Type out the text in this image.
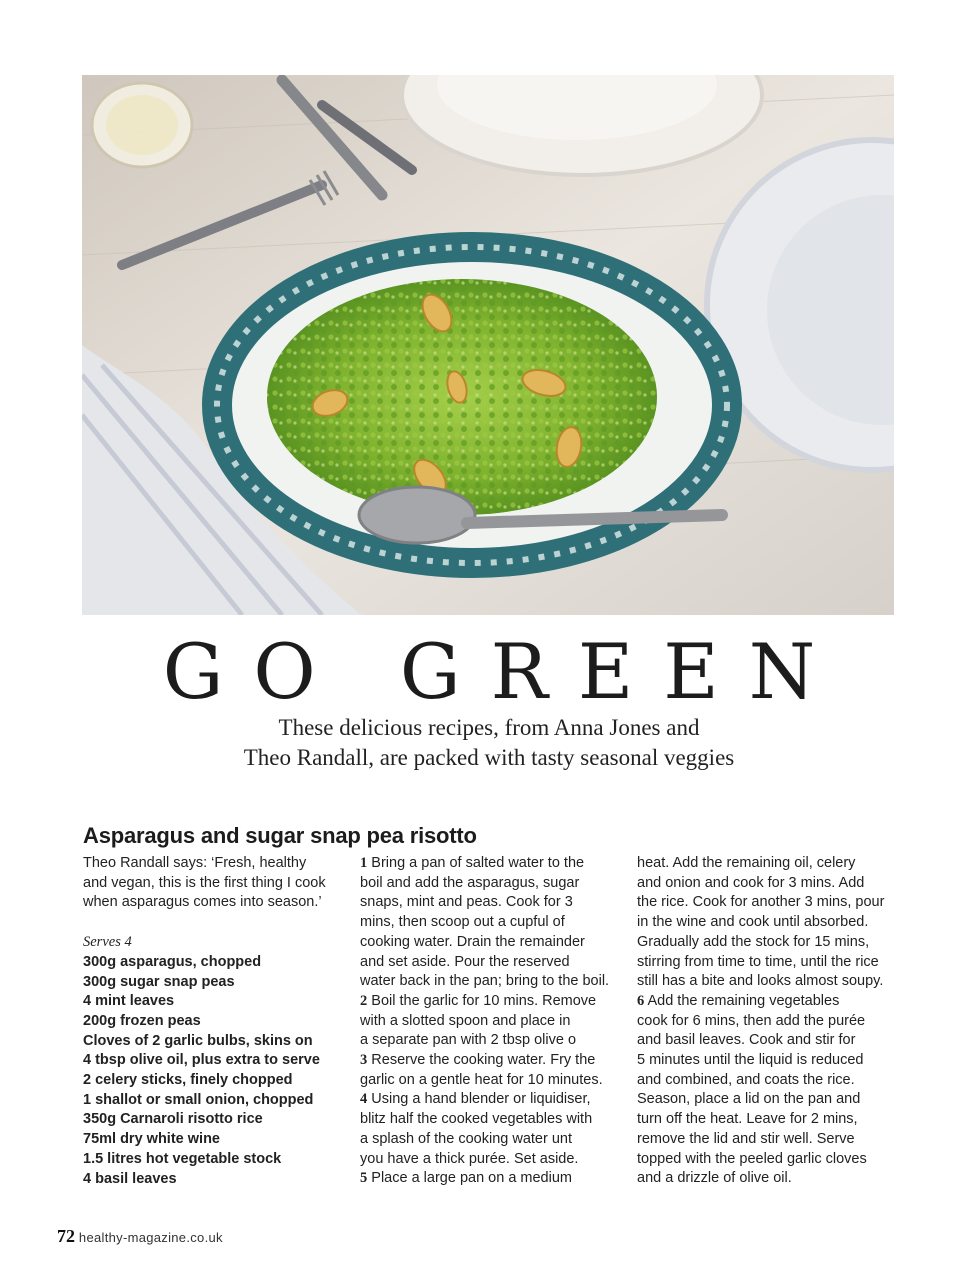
GO GREEN
These delicious recipes, from Anna Jones and
Theo Randall, are packed with tasty seasonal veggies
Asparagus and sugar snap pea risotto
Theo Randall says: ‘Fresh, healthy
and vegan, this is the first thing I cook
when asparagus comes into season.’
Serves 4
300g asparagus, chopped
300g sugar snap peas
4 mint leaves
200g frozen peas
Cloves of 2 garlic bulbs, skins on
4 tbsp olive oil, plus extra to serve
2 celery sticks, finely chopped
1 shallot or small onion, chopped
350g Carnaroli risotto rice
75ml dry white wine
1.5 litres hot vegetable stock
4 basil leaves
1 Bring a pan of salted water to the
boil and add the asparagus, sugar
snaps, mint and peas. Cook for 3
mins, then scoop out a cupful of
cooking water. Drain the remainder
and set aside. Pour the reserved
water back in the pan; bring to the boil.
2 Boil the garlic for 10 mins. Remove
with a slotted spoon and place in
a separate pan with 2 tbsp olive o
3 Reserve the cooking water. Fry the
garlic on a gentle heat for 10 minutes.
4 Using a hand blender or liquidiser,
blitz half the cooked vegetables with
a splash of the cooking water unt
you have a thick purée. Set aside.
5 Place a large pan on a medium
heat. Add the remaining oil, celery
and onion and cook for 3 mins. Add
the rice. Cook for another 3 mins, pour
in the wine and cook until absorbed.
Gradually add the stock for 15 mins,
stirring from time to time, until the rice
still has a bite and looks almost soupy.
6 Add the remaining vegetables
cook for 6 mins, then add the purée
and basil leaves. Cook and stir for
5 minutes until the liquid is reduced
and combined, and coats the rice.
Season, place a lid on the pan and
turn off the heat. Leave for 2 mins,
remove the lid and stir well. Serve
topped with the peeled garlic cloves
and a drizzle of olive oil.
72 healthy-magazine.co.uk
